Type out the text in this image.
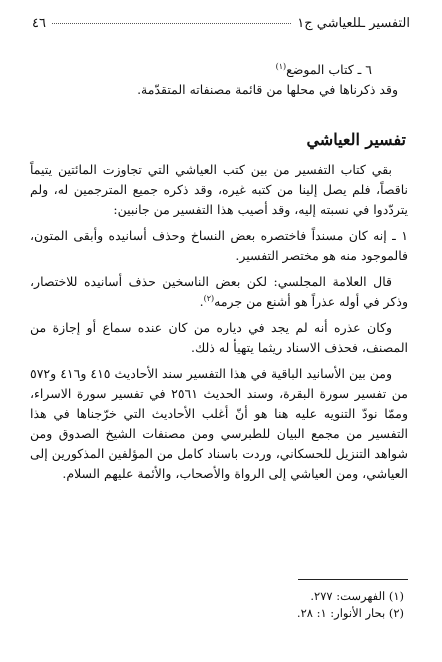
التفسير ـللعياشي ج١
٤٦
٦ ـ كتاب الموضع$^{(١)}$
وقد ذكرناها في محلها من قائمة مصنفاته المتقدّمة.
تفسير العياشي

بقي كتاب التفسير من بين كتب العياشي التي تجاوزت المائتين يتيماً ناقصاً، فلم يصل إلينا من كتبه غيره، وقد ذكره جميع المترجمين له، ولم يتردّدوا في نسبته إليه، وقد أصيب هذا التفسير من جانبين:

١ ـ إنه كان مسنداً فاختصره بعض النساخ وحذف أسانيده وأبقى المتون، فالموجود منه هو مختصر التفسير.

قال العلامة المجلسي: لكن بعض الناسخين حذف أسانيده للاختصار، وذكر في أوله عذراً هو أشنع من جرمه$^{(٢)}$.

وكان عذره أنه لم يجد في دياره من كان عنده سماع أو إجازة من المصنف، فحذف الاسناد ريثما يتهيأ له ذلك.

ومن بين الأسانيد الباقية في هذا التفسير سند الأحاديث ٤١٥ و٤١٦ و٥٧٢ من تفسير سورة البقرة، وسند الحديث ٢٥٦١ في تفسير سورة الاسراء، وممّا نودّ التنويه عليه هنا هو أنّ أغلب الأحاديث التي خرّجناها في هذا التفسير من مجمع البيان للطبرسي ومن مصنفات الشيخ الصدوق ومن شواهد التنزيل للحسكاني، وردت باسناد كامل من المؤلفين المذكورين إلى العياشي، ومن العياشي إلى الرواة والأصحاب، والأئمة عليهم السلام.

(١) الفهرست: ٢٧٧.
(٢) بحار الأنوار: ١: ٢٨.
